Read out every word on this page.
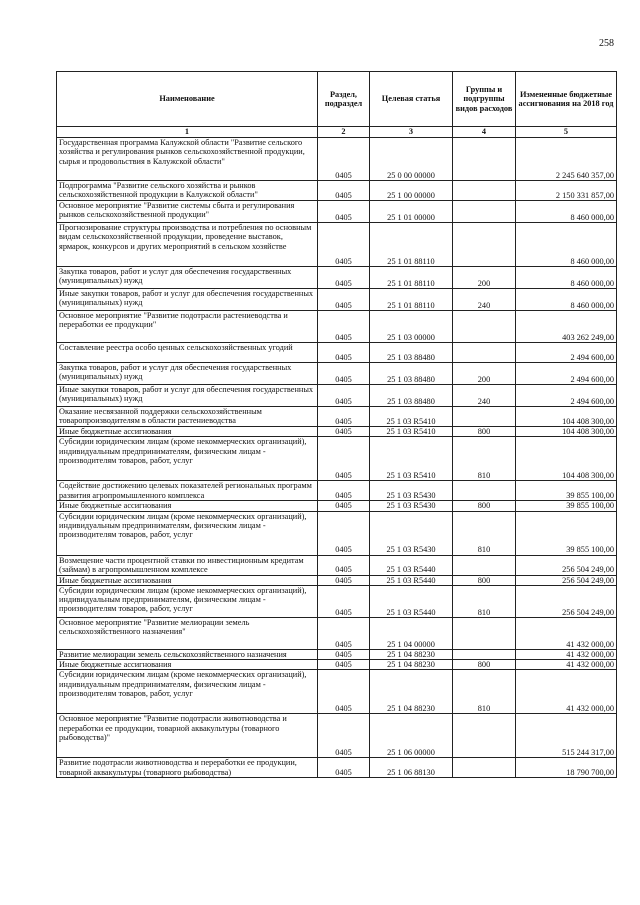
258
Наименование	Раздел, подраздел	Целевая статья	Группы и подгруппы видов расходов	Измененные бюджетные ассигнования на 2018 год
1	2	3	4	5
Государственная программа Калужской области "Развитие сельского хозяйства и регулирования рынков сельскохозяйственной продукции, сырья и продовольствия в Калужской области"	0405	25 0 00 00000		2 245 640 357,00
Подпрограмма "Развитие сельского хозяйства и рынков сельскохозяйственной продукции в Калужской области"	0405	25 1 00 00000		2 150 331 857,00
Основное мероприятие "Развитие системы сбыта и регулирования рынков сельскохозяйственной продукции"	0405	25 1 01 00000		8 460 000,00
Прогнозирование структуры производства и потребления по основным видам сельскохозяйственной продукции, проведение выставок, ярмарок, конкурсов и других мероприятий в сельском хозяйстве	0405	25 1 01 88110		8 460 000,00
Закупка товаров, работ и услуг для обеспечения государственных (муниципальных) нужд	0405	25 1 01 88110	200	8 460 000,00
Иные закупки товаров, работ и услуг для обеспечения государственных (муниципальных) нужд	0405	25 1 01 88110	240	8 460 000,00
Основное мероприятие "Развитие подотрасли растениеводства и переработки ее продукции"	0405	25 1 03 00000		403 262 249,00
Составление реестра особо ценных сельскохозяйственных угодий	0405	25 1 03 88480		2 494 600,00
Закупка товаров, работ и услуг для обеспечения государственных (муниципальных) нужд	0405	25 1 03 88480	200	2 494 600,00
Иные закупки товаров, работ и услуг для обеспечения государственных (муниципальных) нужд	0405	25 1 03 88480	240	2 494 600,00
Оказание несвязанной поддержки сельскохозяйственным товаропроизводителям в области растениеводства	0405	25 1 03 R5410		104 408 300,00
Иные бюджетные ассигнования	0405	25 1 03 R5410	800	104 408 300,00
Субсидии юридическим лицам (кроме некоммерческих организаций), индивидуальным предпринимателям, физическим лицам - производителям товаров, работ, услуг	0405	25 1 03 R5410	810	104 408 300,00
Содействие достижению целевых показателей региональных программ развития агропромышленного комплекса	0405	25 1 03 R5430		39 855 100,00
Иные бюджетные ассигнования	0405	25 1 03 R5430	800	39 855 100,00
Субсидии юридическим лицам (кроме некоммерческих организаций), индивидуальным предпринимателям, физическим лицам - производителям товаров, работ, услуг	0405	25 1 03 R5430	810	39 855 100,00
Возмещение части процентной ставки по инвестиционным кредитам (займам) в агропромышленном комплексе	0405	25 1 03 R5440		256 504 249,00
Иные бюджетные ассигнования	0405	25 1 03 R5440	800	256 504 249,00
Субсидии юридическим лицам (кроме некоммерческих организаций), индивидуальным предпринимателям, физическим лицам - производителям товаров, работ, услуг	0405	25 1 03 R5440	810	256 504 249,00
Основное мероприятие "Развитие мелиорации земель сельскохозяйственного назначения"	0405	25 1 04 00000		41 432 000,00
Развитие мелиорации земель сельскохозяйственного назначения	0405	25 1 04 88230		41 432 000,00
Иные бюджетные ассигнования	0405	25 1 04 88230	800	41 432 000,00
Субсидии юридическим лицам (кроме некоммерческих организаций), индивидуальным предпринимателям, физическим лицам - производителям товаров, работ, услуг	0405	25 1 04 88230	810	41 432 000,00
Основное мероприятие "Развитие подотрасли животноводства и переработки ее продукции, товарной аквакультуры (товарного рыбоводства)"	0405	25 1 06 00000		515 244 317,00
Развитие подотрасли животноводства и переработки ее продукции, товарной аквакультуры (товарного рыбоводства)	0405	25 1 06 88130		18 790 700,00
